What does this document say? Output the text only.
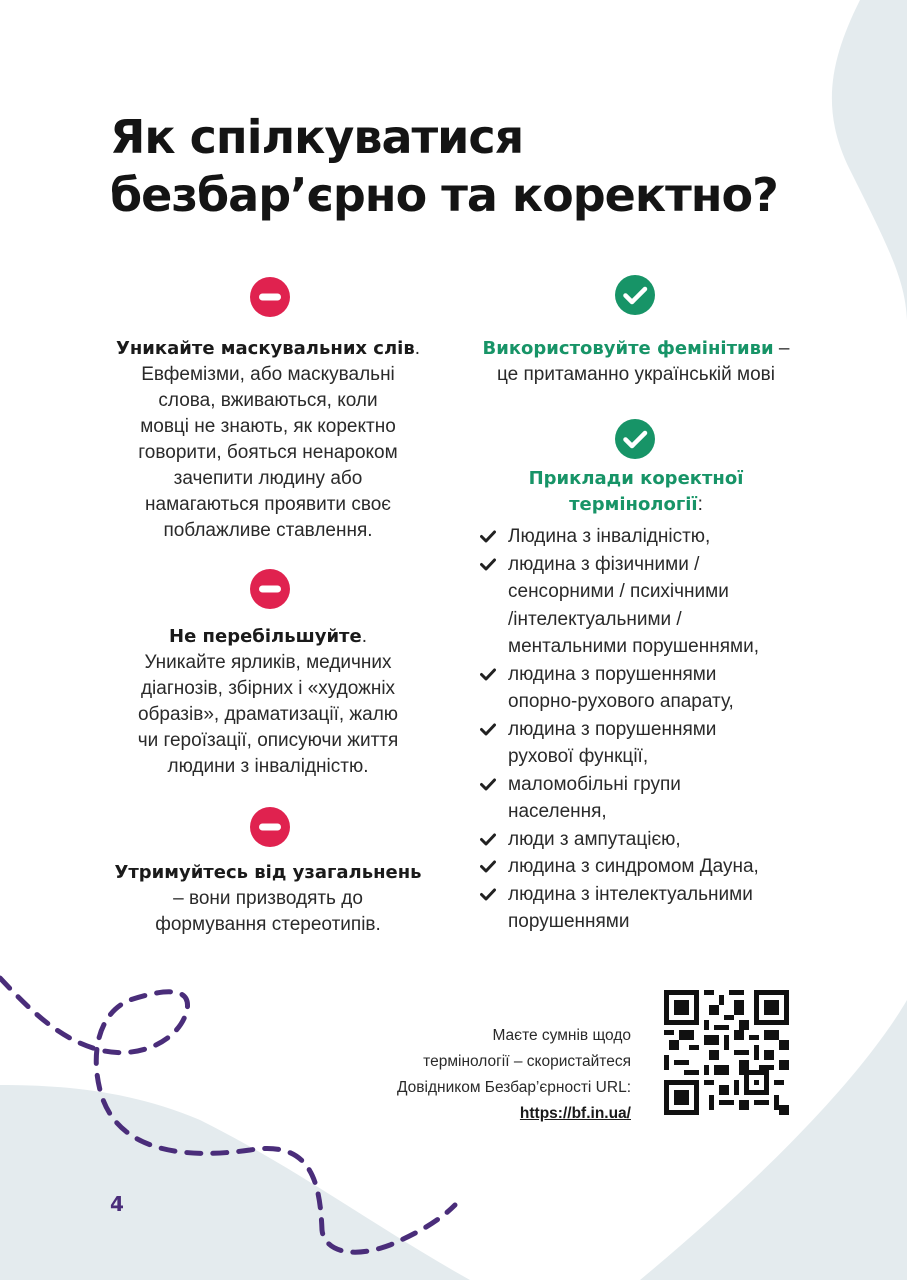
Як спілкуватися
безбар’єрно та коректно?
Уникайте маскувальних слів.
Евфемізми, або маскувальні
слова, вживаються, коли
мовці не знають, як коректно
говорити, бояться ненароком
зачепити людину або
намагаються проявити своє
поблажливе ставлення.
Не перебільшуйте.
Уникайте ярликів, медичних
діагнозів, збірних і «художніх
образів», драматизації, жалю
чи героїзації, описуючи життя
людини з інвалідністю.
Утримуйтесь від узагальнень
– вони призводять до
формування стереотипів.
Використовуйте фемінітиви –
це притаманно українській мові
Приклади коректної
термінології:
Людина з інвалідністю,
людина з фізичними /
сенсорними / психічними
/інтелектуальними /
ментальними порушеннями,
людина з порушеннями
опорно-рухового апарату,
людина з порушеннями
рухової функції,
маломобільні групи
населення,
люди з ампутацією,
людина з синдромом Дауна,
людина з інтелектуальними
порушеннями
Маєте сумнів щодо
термінології – скористайтеся
Довідником Безбар’єрності URL:
https://bf.in.ua/
4
